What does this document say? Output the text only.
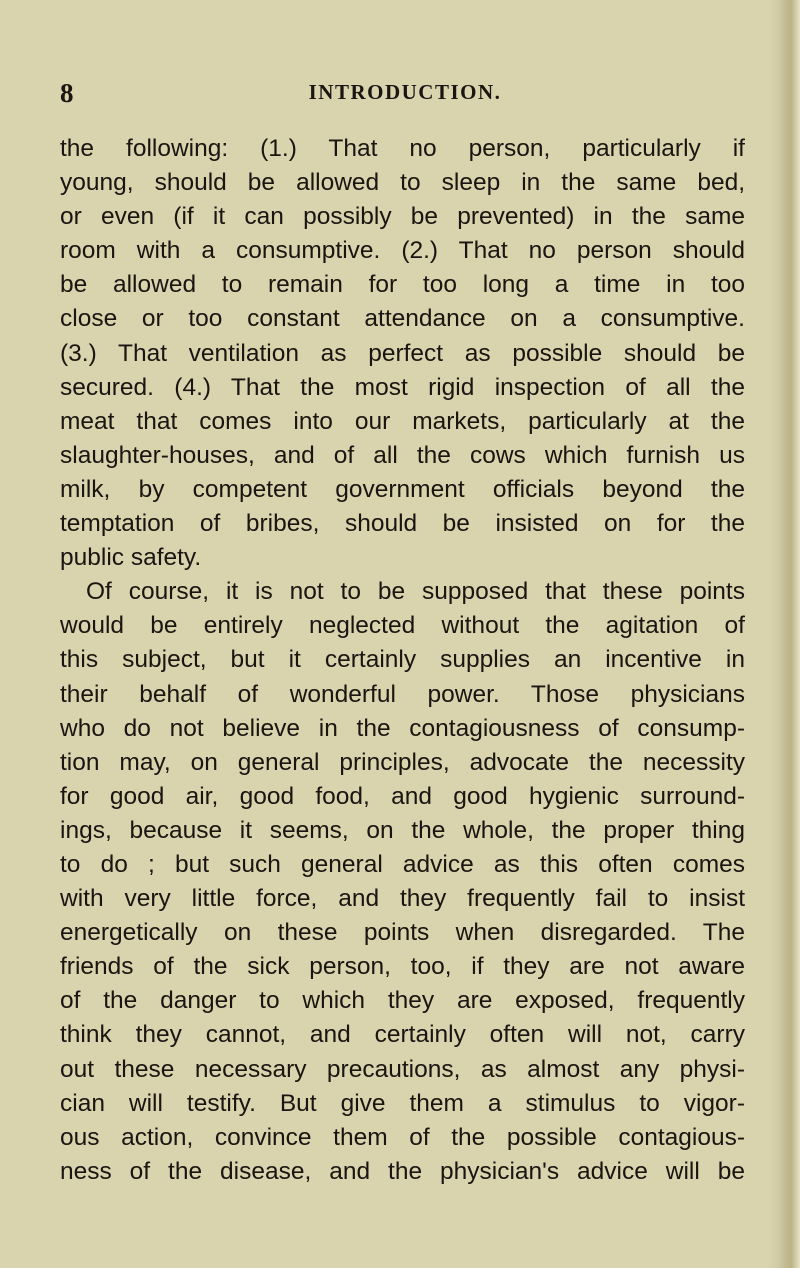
8	INTRODUCTION.
the following: (1.) That no person, particularly if
young, should be allowed to sleep in the same bed,
or even (if it can possibly be prevented) in the same
room with a consumptive. (2.) That no person should
be allowed to remain for too long a time in too
close or too constant attendance on a consumptive.
(3.) That ventilation as perfect as possible should be
secured. (4.) That the most rigid inspection of all the
meat that comes into our markets, particularly at the
slaughter-houses, and of all the cows which furnish us
milk, by competent government officials beyond the
temptation of bribes, should be insisted on for the
public safety.
Of course, it is not to be supposed that these points
would be entirely neglected without the agitation of
this subject, but it certainly supplies an incentive in
their behalf of wonderful power. Those physicians
who do not believe in the contagiousness of consump-
tion may, on general principles, advocate the necessity
for good air, good food, and good hygienic surround-
ings, because it seems, on the whole, the proper thing
to do ; but such general advice as this often comes
with very little force, and they frequently fail to insist
energetically on these points when disregarded. The
friends of the sick person, too, if they are not aware
of the danger to which they are exposed, frequently
think they cannot, and certainly often will not, carry
out these necessary precautions, as almost any physi-
cian will testify. But give them a stimulus to vigor-
ous action, convince them of the possible contagious-
ness of the disease, and the physician's advice will be
